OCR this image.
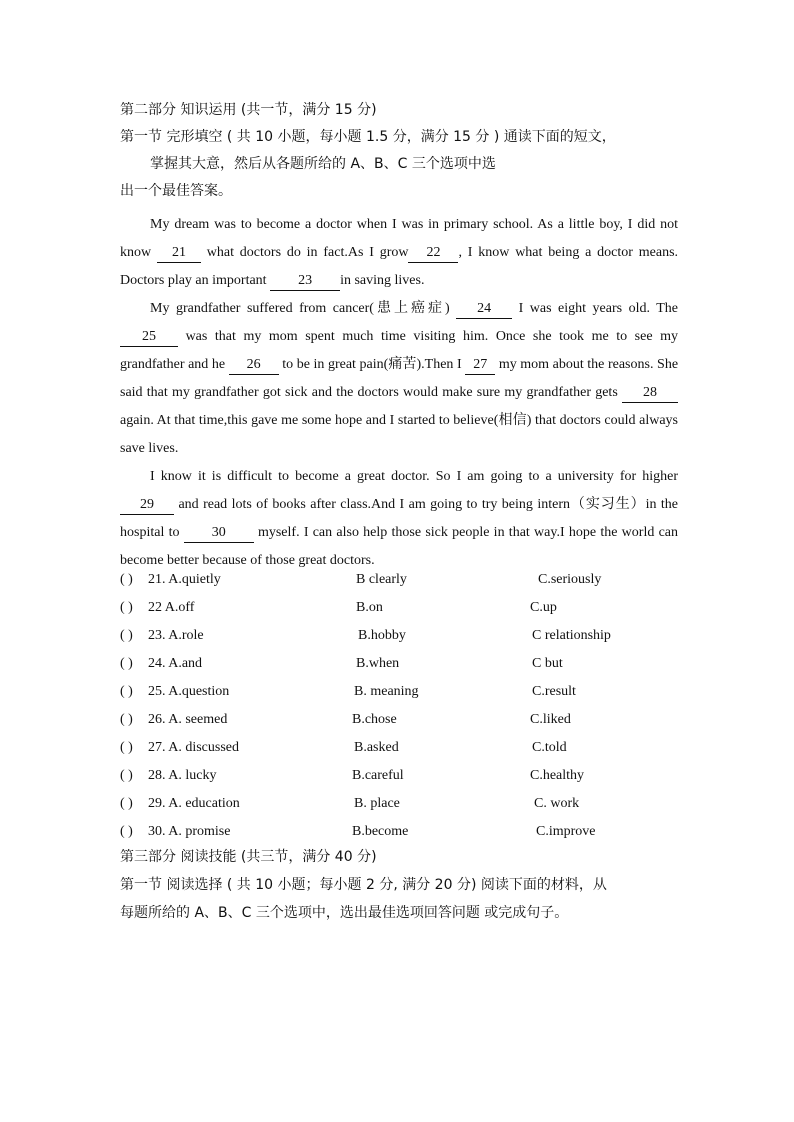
第二部分 知识运用 (共一节，满分 15 分)
第一节 完形填空 ( 共 10 小题，每小题 1.5 分，满分 15 分 ) 通读下面的短文，
掌握其大意，然后从各题所给的 A、B、C 三个选项中选
出一个最佳答案。
My dream was to become a doctor when I was in primary school. As a little boy, I did not know 21 what doctors do in fact.As I grow 22 , I know what being a doctor means. Doctors play an important 23 in saving lives.
My grandfather suffered from cancer(患上癌症) 24 I was eight years old. The 25 was that my mom spent much time visiting him. Once she took me to see my grandfather and he 26 to be in great pain(痛苦).Then I 27 my mom about the reasons. She said that my grandfather got sick and the doctors would make sure my grandfather gets 28 again. At that time,this gave me some hope and I started to believe(相信) that doctors could always save lives.
I know it is difficult to become a great doctor. So I am going to a university for higher 29 and read lots of books after class.And I am going to try being intern（实习生）in the hospital to 30 myself. I can also help those sick people in that way.I hope the world can become better because of those great doctors.
( ) 21. A.quietly	B clearly	C.seriously
( ) 22 A.off	B.on	C.up
( ) 23. A.role	B.hobby	C relationship
( ) 24. A.and	B.when	C but
( ) 25. A.question	B. meaning	C.result
( ) 26. A. seemed	B.chose	C.liked
( ) 27. A. discussed	B.asked	C.told
( ) 28. A. lucky	B.careful	C.healthy
( ) 29. A. education	B. place	C. work
( ) 30. A. promise	B.become	C.improve
第三部分 阅读技能 (共三节，满分 40 分)
第一节 阅读选择 ( 共 10 小题；每小题 2 分, 满分 20 分) 阅读下面的材料，从
每题所给的 A、B、C 三个选项中，选出最佳选项回答问题 或完成句子。
